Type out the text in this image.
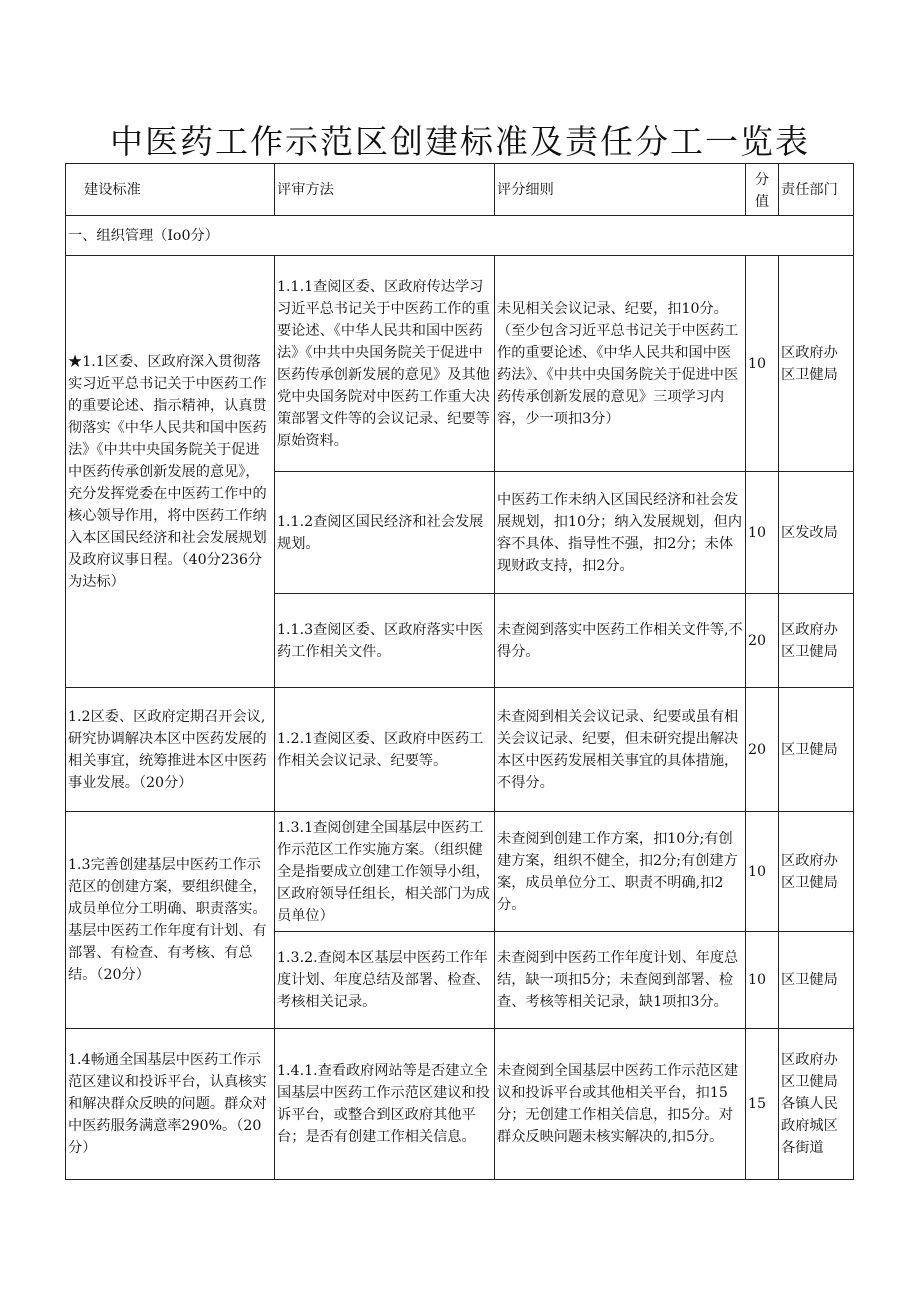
中医药工作示范区创建标准及责任分工一览表
建设标准	评审方法	评分细则	分值	责任部门
一、组织管理（Io0分）				
★1.1区委、区政府深入贯彻落实习近平总书记关于中医药工作的重要论述、指示精神，认真贯彻落实《中华人民共和国中医药法》《中共中央国务院关于促进中医药传承创新发展的意见》，充分发挥党委在中医药工作中的核心领导作用，将中医药工作纳入本区国民经济和社会发展规划及政府议事日程。（40分236分为达标）	1.1.1查阅区委、区政府传达学习习近平总书记关于中医药工作的重要论述、《中华人民共和国中医药法》《中共中央国务院关于促进中医药传承创新发展的意见》及其他党中央国务院对中医药工作重大决策部署文件等的会议记录、纪要等原始资料。	未见相关会议记录、纪要，扣10分。（至少包含习近平总书记关于中医药工作的重要论述、《中华人民共和国中医药法》、《中共中央国务院关于促进中医药传承创新发展的意见》三项学习内容，少一项扣3分）	10	区政府办区卫健局
	1.1.2查阅区国民经济和社会发展规划。	中医药工作未纳入区国民经济和社会发展规划，扣10分；纳入发展规划，但内容不具体、指导性不强，扣2分；未体现财政支持，扣2分。	10	区发改局
	1.1.3查阅区委、区政府落实中医药工作相关文件。	未查阅到落实中医药工作相关文件等,不得分。	20	区政府办区卫健局
1.2区委、区政府定期召开会议,研究协调解决本区中医药发展的相关事宜，统筹推进本区中医药事业发展。（20分）	1.2.1查阅区委、区政府中医药工作相关会议记录、纪要等。	未查阅到相关会议记录、纪要或虽有相关会议记录、纪要，但未研究提出解决本区中医药发展相关事宜的具体措施，不得分。	20	区卫健局
1.3完善创建基层中医药工作示范区的创建方案，要组织健全，成员单位分工明确、职责落实。基层中医药工作年度有计划、有部署、有检查、有考核、有总结。（20分）	1.3.1查阅创建全国基层中医药工作示范区工作实施方案。（组织健全是指要成立创建工作领导小组，区政府领导任组长，相关部门为成员单位）	未查阅到创建工作方案，扣10分;有创建方案，组织不健全，扣2分;有创建方案，成员单位分工、职责不明确,扣2分。	10	区政府办区卫健局
	1.3.2.查阅本区基层中医药工作年度计划、年度总结及部署、检查、考核相关记录。	未查阅到中医药工作年度计划、年度总结，缺一项扣5分；未查阅到部署、检查、考核等相关记录，缺1项扣3分。	10	区卫健局
1.4畅通全国基层中医药工作示范区建议和投诉平台，认真核实和解决群众反映的问题。群众对中医药服务满意率290%。（20分）	1.4.1.查看政府网站等是否建立全国基层中医药工作示范区建议和投诉平台，或整合到区政府其他平台；是否有创建工作相关信息。	未查阅到全国基层中医药工作示范区建议和投诉平台或其他相关平台，扣15分；无创建工作相关信息，扣5分。对群众反映问题未核实解决的,扣5分。	15	区政府办区卫健局各镇人民政府城区各街道
